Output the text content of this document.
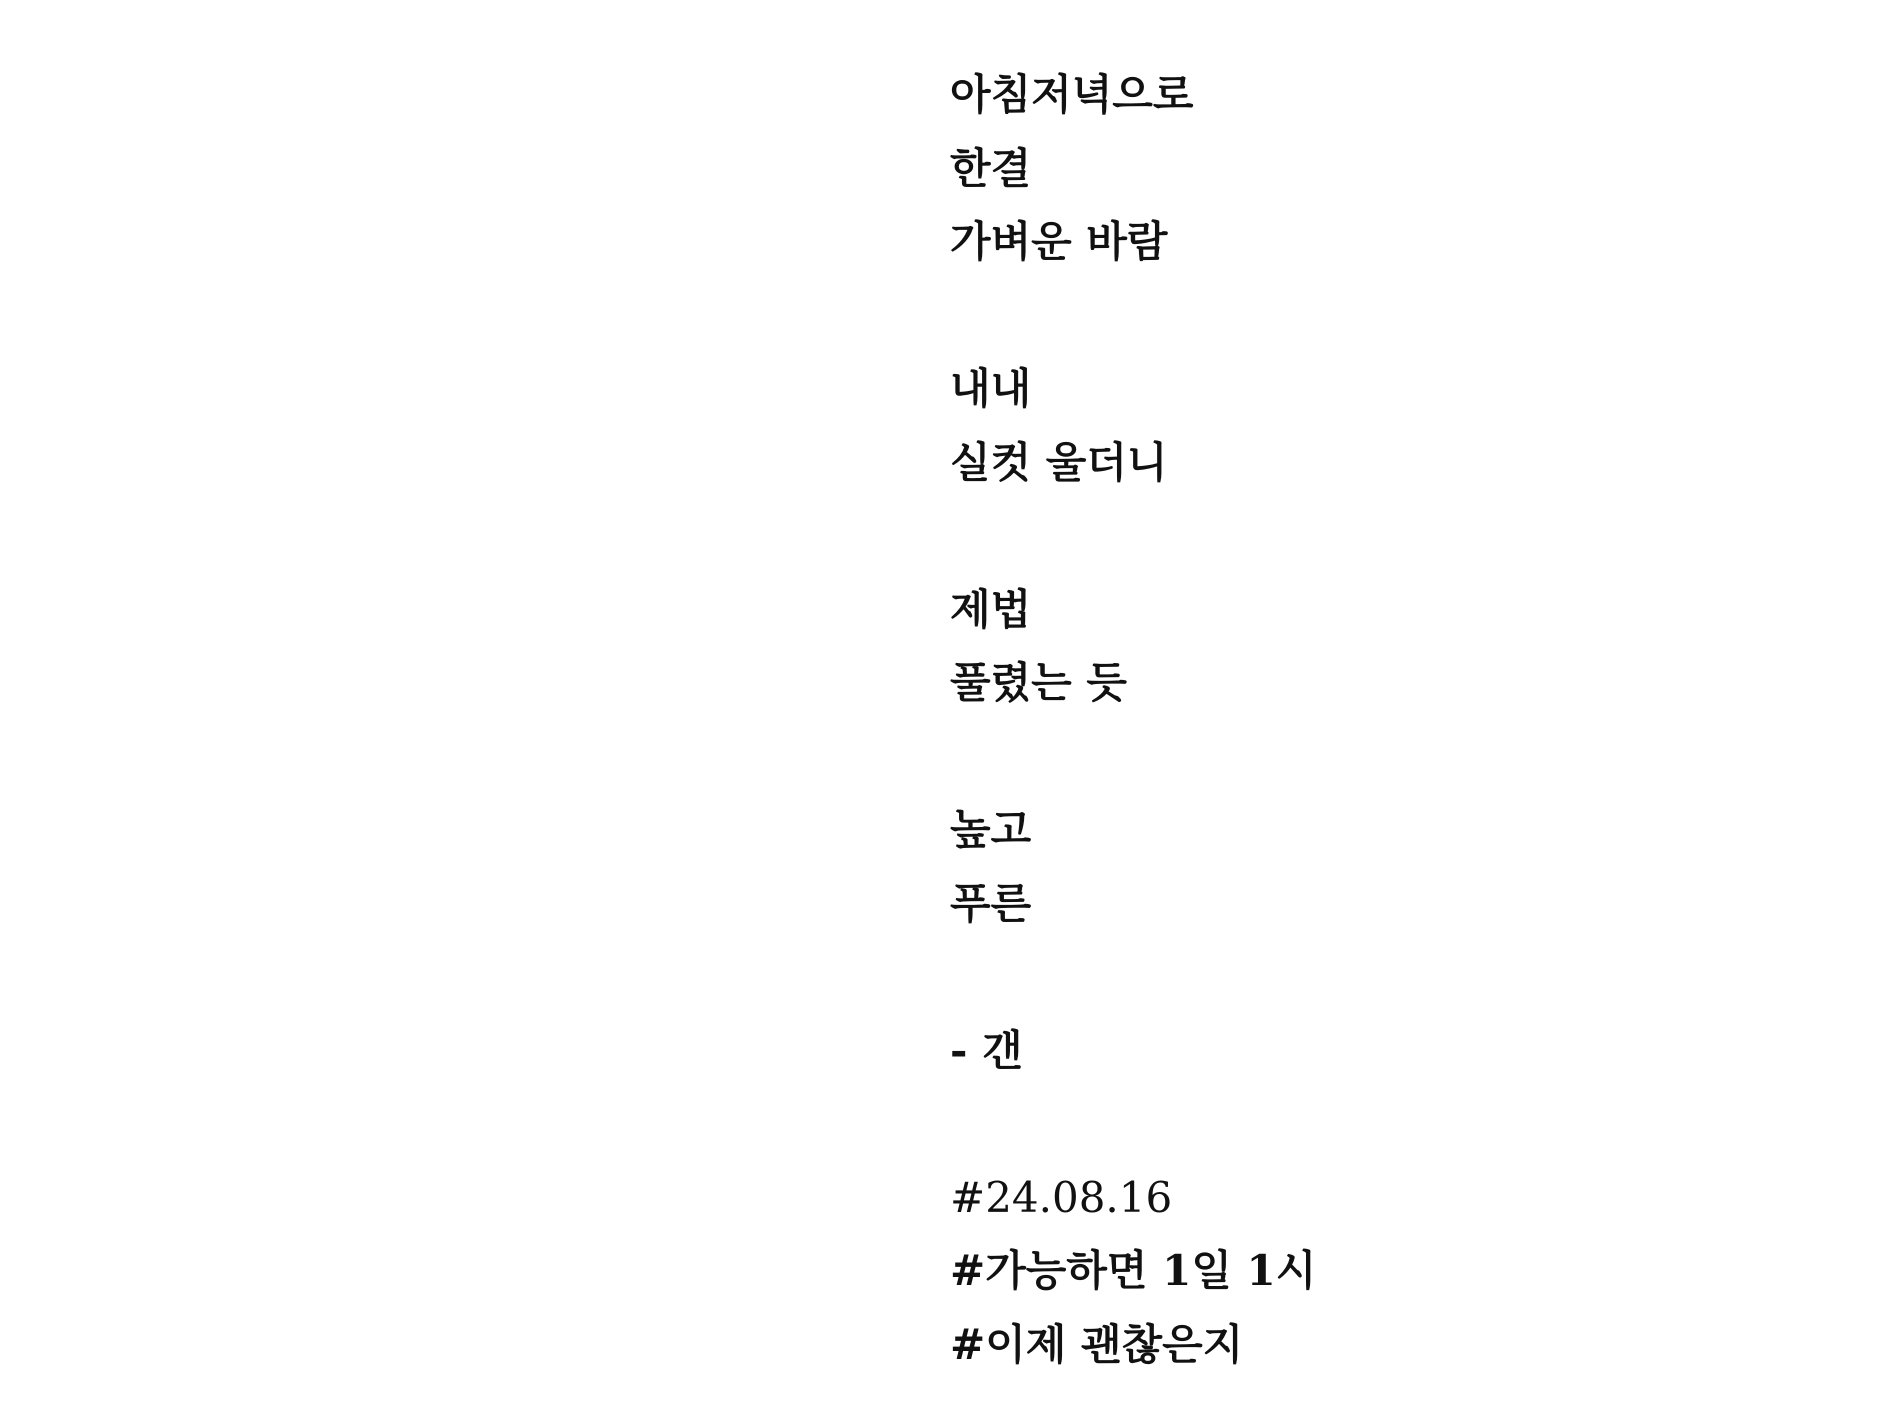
아침저녁으로
한결
가벼운 바람
내내
실컷 울더니
제법
풀렸는 듯
높고
푸른
- 갠
#24.08.16
#가능하면 1일 1시
#이제 괜찮은지
